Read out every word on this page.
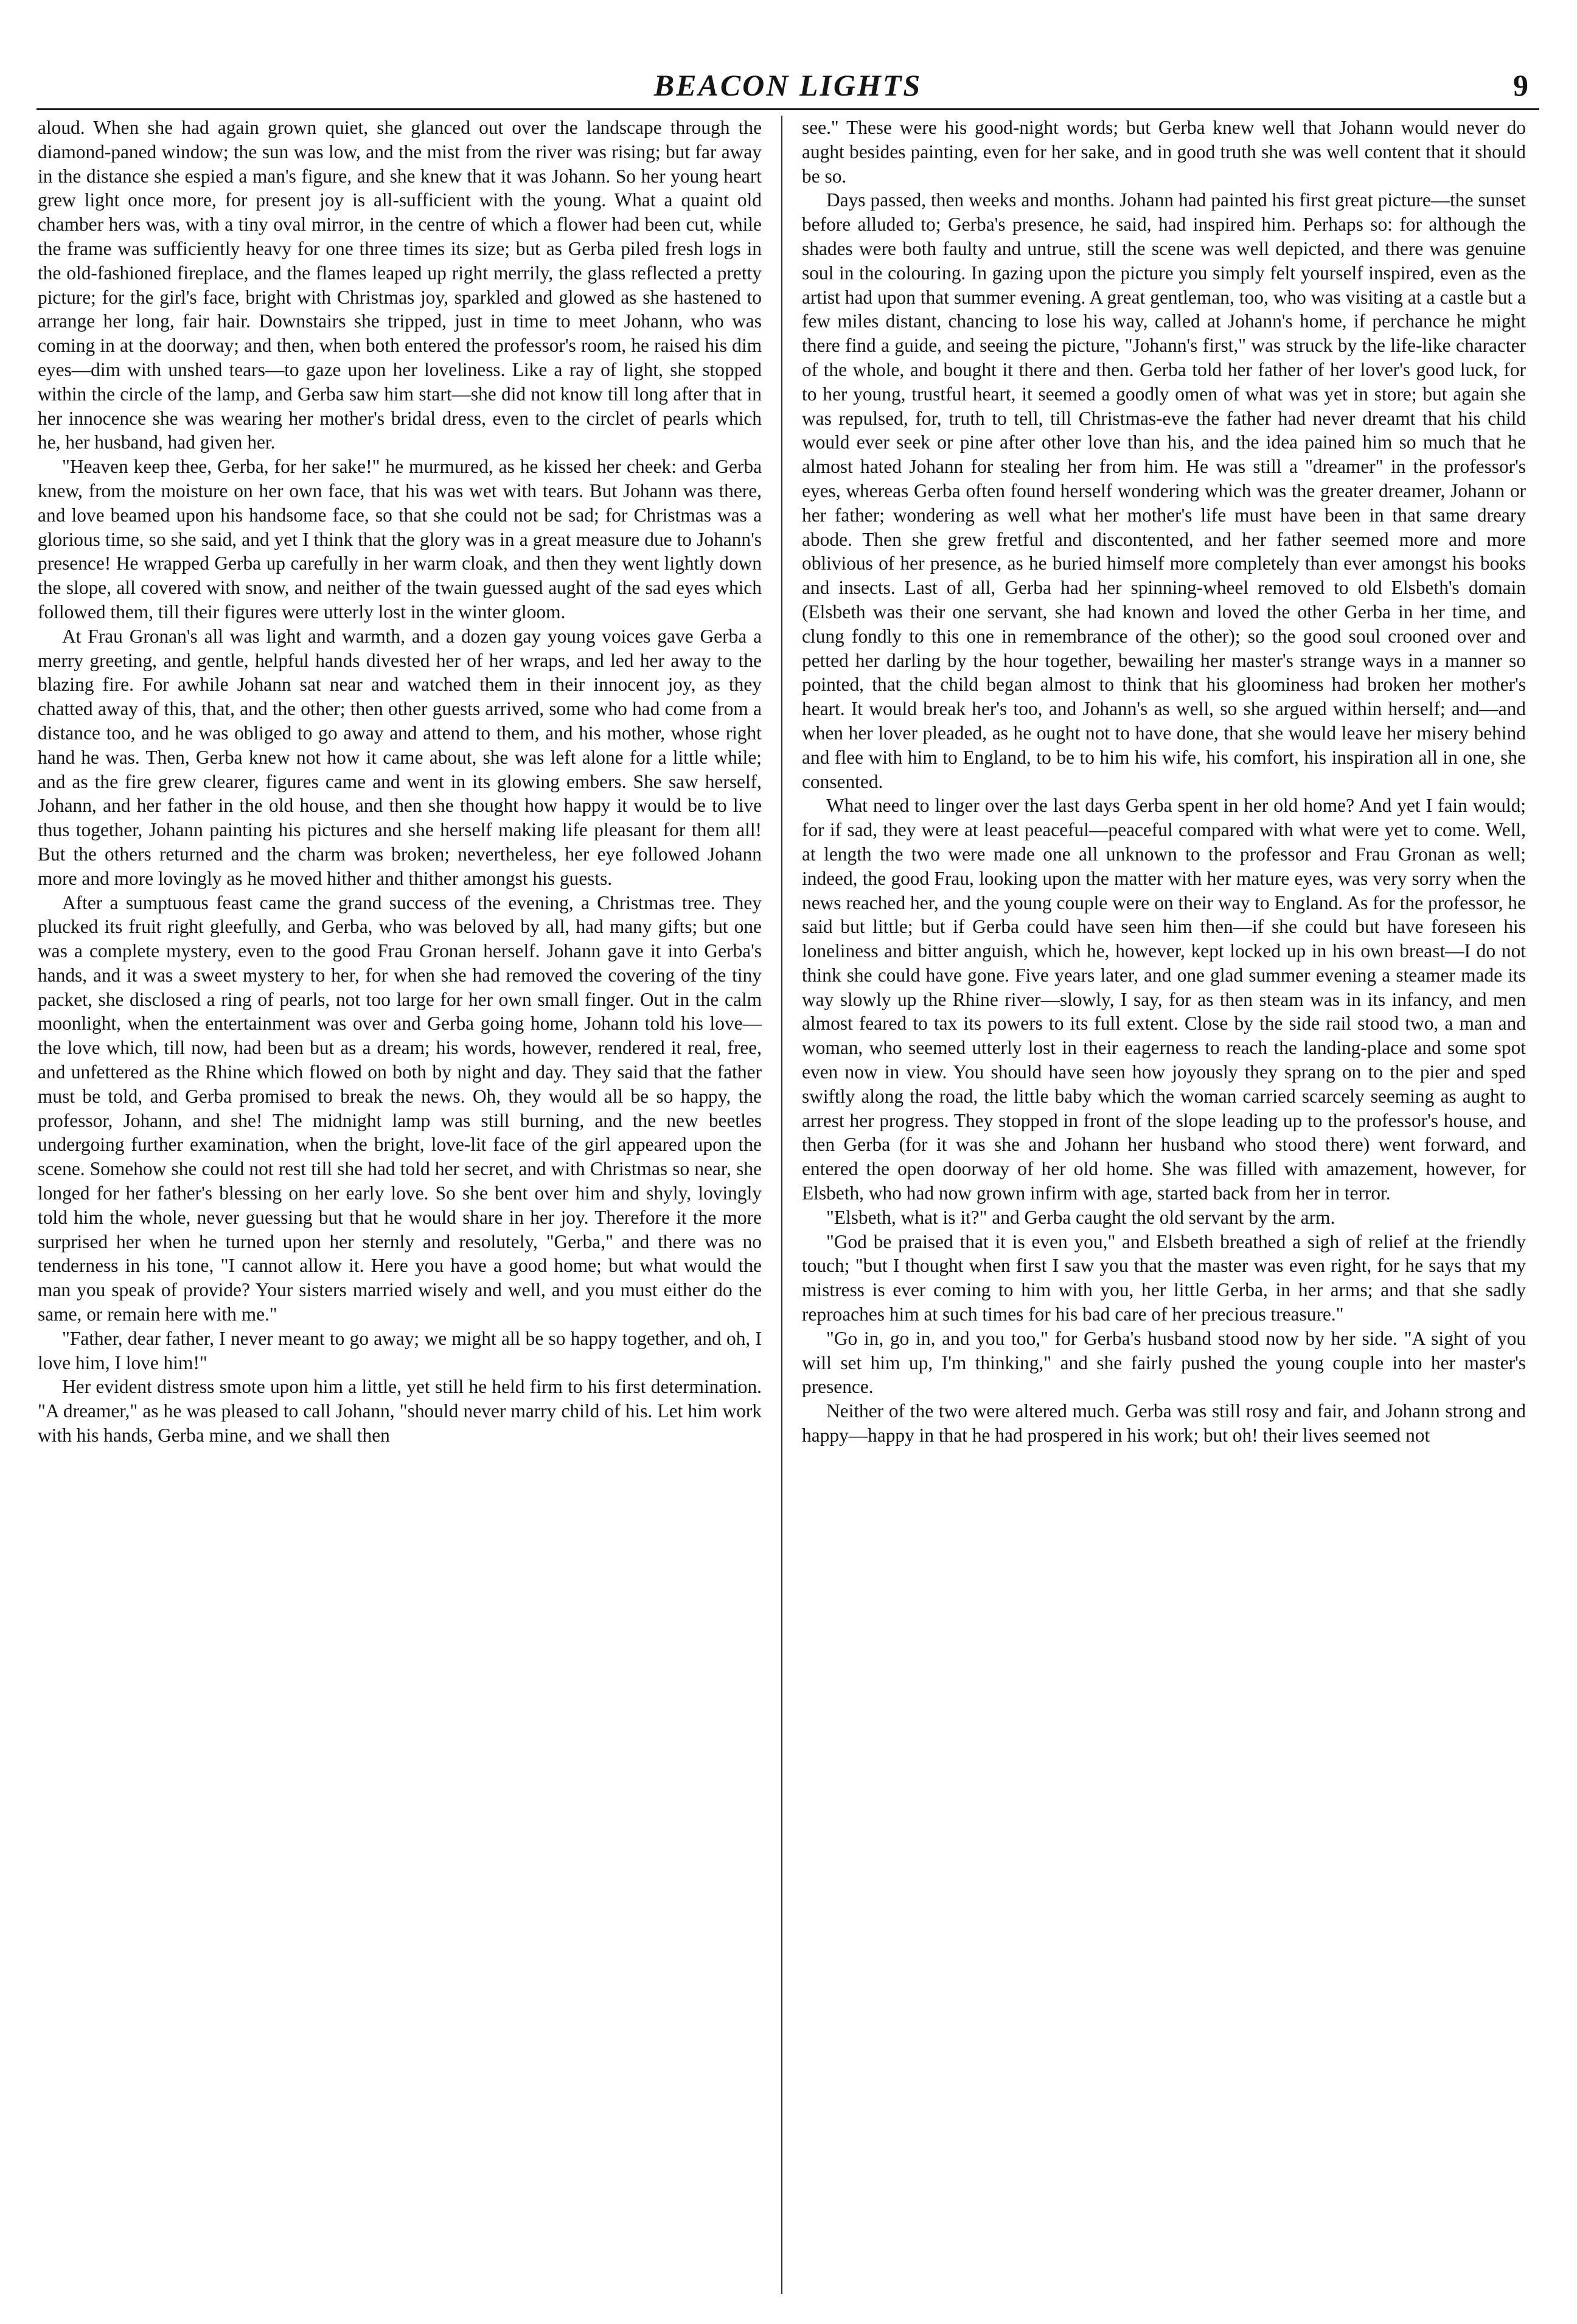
BEACON LIGHTS	9

aloud. When she had again grown quiet, she glanced out over the landscape through the diamond-paned window; the sun was low, and the mist from the river was rising; but far away in the distance she espied a man's figure, and she knew that it was Johann. So her young heart grew light once more, for present joy is all-sufficient with the young. What a quaint old chamber hers was, with a tiny oval mirror, in the centre of which a flower had been cut, while the frame was sufficiently heavy for one three times its size; but as Gerba piled fresh logs in the old-fashioned fireplace, and the flames leaped up right merrily, the glass reflected a pretty picture; for the girl's face, bright with Christmas joy, sparkled and glowed as she hastened to arrange her long, fair hair. Downstairs she tripped, just in time to meet Johann, who was coming in at the doorway; and then, when both entered the professor's room, he raised his dim eyes—dim with unshed tears—to gaze upon her loveliness. Like a ray of light, she stopped within the circle of the lamp, and Gerba saw him start—she did not know till long after that in her innocence she was wearing her mother's bridal dress, even to the circlet of pearls which he, her husband, had given her.

"Heaven keep thee, Gerba, for her sake!" he murmured, as he kissed her cheek: and Gerba knew, from the moisture on her own face, that his was wet with tears. But Johann was there, and love beamed upon his handsome face, so that she could not be sad; for Christmas was a glorious time, so she said, and yet I think that the glory was in a great measure due to Johann's presence! He wrapped Gerba up carefully in her warm cloak, and then they went lightly down the slope, all covered with snow, and neither of the twain guessed aught of the sad eyes which followed them, till their figures were utterly lost in the winter gloom.

At Frau Gronan's all was light and warmth, and a dozen gay young voices gave Gerba a merry greeting, and gentle, helpful hands divested her of her wraps, and led her away to the blazing fire. For awhile Johann sat near and watched them in their innocent joy, as they chatted away of this, that, and the other; then other guests arrived, some who had come from a distance too, and he was obliged to go away and attend to them, and his mother, whose right hand he was. Then, Gerba knew not how it came about, she was left alone for a little while; and as the fire grew clearer, figures came and went in its glowing embers. She saw herself, Johann, and her father in the old house, and then she thought how happy it would be to live thus together, Johann painting his pictures and she herself making life pleasant for them all! But the others returned and the charm was broken; nevertheless, her eye followed Johann more and more lovingly as he moved hither and thither amongst his guests.

After a sumptuous feast came the grand success of the evening, a Christmas tree. They plucked its fruit right gleefully, and Gerba, who was beloved by all, had many gifts; but one was a complete mystery, even to the good Frau Gronan herself. Johann gave it into Gerba's hands, and it was a sweet mystery to her, for when she had removed the covering of the tiny packet, she disclosed a ring of pearls, not too large for her own small finger. Out in the calm moonlight, when the entertainment was over and Gerba going home, Johann told his love—the love which, till now, had been but as a dream; his words, however, rendered it real, free, and unfettered as the Rhine which flowed on both by night and day. They said that the father must be told, and Gerba promised to break the news. Oh, they would all be so happy, the professor, Johann, and she! The midnight lamp was still burning, and the new beetles undergoing further examination, when the bright, love-lit face of the girl appeared upon the scene. Somehow she could not rest till she had told her secret, and with Christmas so near, she longed for her father's blessing on her early love. So she bent over him and shyly, lovingly told him the whole, never guessing but that he would share in her joy. Therefore it the more surprised her when he turned upon her sternly and resolutely, "Gerba," and there was no tenderness in his tone, "I cannot allow it. Here you have a good home; but what would the man you speak of provide? Your sisters married wisely and well, and you must either do the same, or remain here with me."

"Father, dear father, I never meant to go away; we might all be so happy together, and oh, I love him, I love him!"

Her evident distress smote upon him a little, yet still he held firm to his first determination. "A dreamer," as he was pleased to call Johann, "should never marry child of his. Let him work with his hands, Gerba mine, and we shall then

see." These were his good-night words; but Gerba knew well that Johann would never do aught besides painting, even for her sake, and in good truth she was well content that it should be so.

Days passed, then weeks and months. Johann had painted his first great picture—the sunset before alluded to; Gerba's presence, he said, had inspired him. Perhaps so: for although the shades were both faulty and untrue, still the scene was well depicted, and there was genuine soul in the colouring. In gazing upon the picture you simply felt yourself inspired, even as the artist had upon that summer evening. A great gentleman, too, who was visiting at a castle but a few miles distant, chancing to lose his way, called at Johann's home, if perchance he might there find a guide, and seeing the picture, "Johann's first," was struck by the life-like character of the whole, and bought it there and then. Gerba told her father of her lover's good luck, for to her young, trustful heart, it seemed a goodly omen of what was yet in store; but again she was repulsed, for, truth to tell, till Christmas-eve the father had never dreamt that his child would ever seek or pine after other love than his, and the idea pained him so much that he almost hated Johann for stealing her from him. He was still a "dreamer" in the professor's eyes, whereas Gerba often found herself wondering which was the greater dreamer, Johann or her father; wondering as well what her mother's life must have been in that same dreary abode. Then she grew fretful and discontented, and her father seemed more and more oblivious of her presence, as he buried himself more completely than ever amongst his books and insects. Last of all, Gerba had her spinning-wheel removed to old Elsbeth's domain (Elsbeth was their one servant, she had known and loved the other Gerba in her time, and clung fondly to this one in remembrance of the other); so the good soul crooned over and petted her darling by the hour together, bewailing her master's strange ways in a manner so pointed, that the child began almost to think that his gloominess had broken her mother's heart. It would break her's too, and Johann's as well, so she argued within herself; and—and when her lover pleaded, as he ought not to have done, that she would leave her misery behind and flee with him to England, to be to him his wife, his comfort, his inspiration all in one, she consented.

What need to linger over the last days Gerba spent in her old home? And yet I fain would; for if sad, they were at least peaceful—peaceful compared with what were yet to come. Well, at length the two were made one all unknown to the professor and Frau Gronan as well; indeed, the good Frau, looking upon the matter with her mature eyes, was very sorry when the news reached her, and the young couple were on their way to England. As for the professor, he said but little; but if Gerba could have seen him then—if she could but have foreseen his loneliness and bitter anguish, which he, however, kept locked up in his own breast—I do not think she could have gone. Five years later, and one glad summer evening a steamer made its way slowly up the Rhine river—slowly, I say, for as then steam was in its infancy, and men almost feared to tax its powers to its full extent. Close by the side rail stood two, a man and woman, who seemed utterly lost in their eagerness to reach the landing-place and some spot even now in view. You should have seen how joyously they sprang on to the pier and sped swiftly along the road, the little baby which the woman carried scarcely seeming as aught to arrest her progress. They stopped in front of the slope leading up to the professor's house, and then Gerba (for it was she and Johann her husband who stood there) went forward, and entered the open doorway of her old home. She was filled with amazement, however, for Elsbeth, who had now grown infirm with age, started back from her in terror.

"Elsbeth, what is it?" and Gerba caught the old servant by the arm.

"God be praised that it is even you," and Elsbeth breathed a sigh of relief at the friendly touch; "but I thought when first I saw you that the master was even right, for he says that my mistress is ever coming to him with you, her little Gerba, in her arms; and that she sadly reproaches him at such times for his bad care of her precious treasure."

"Go in, go in, and you too," for Gerba's husband stood now by her side. "A sight of you will set him up, I'm thinking," and she fairly pushed the young couple into her master's presence.

Neither of the two were altered much. Gerba was still rosy and fair, and Johann strong and happy—happy in that he had prospered in his work; but oh! their lives seemed not
